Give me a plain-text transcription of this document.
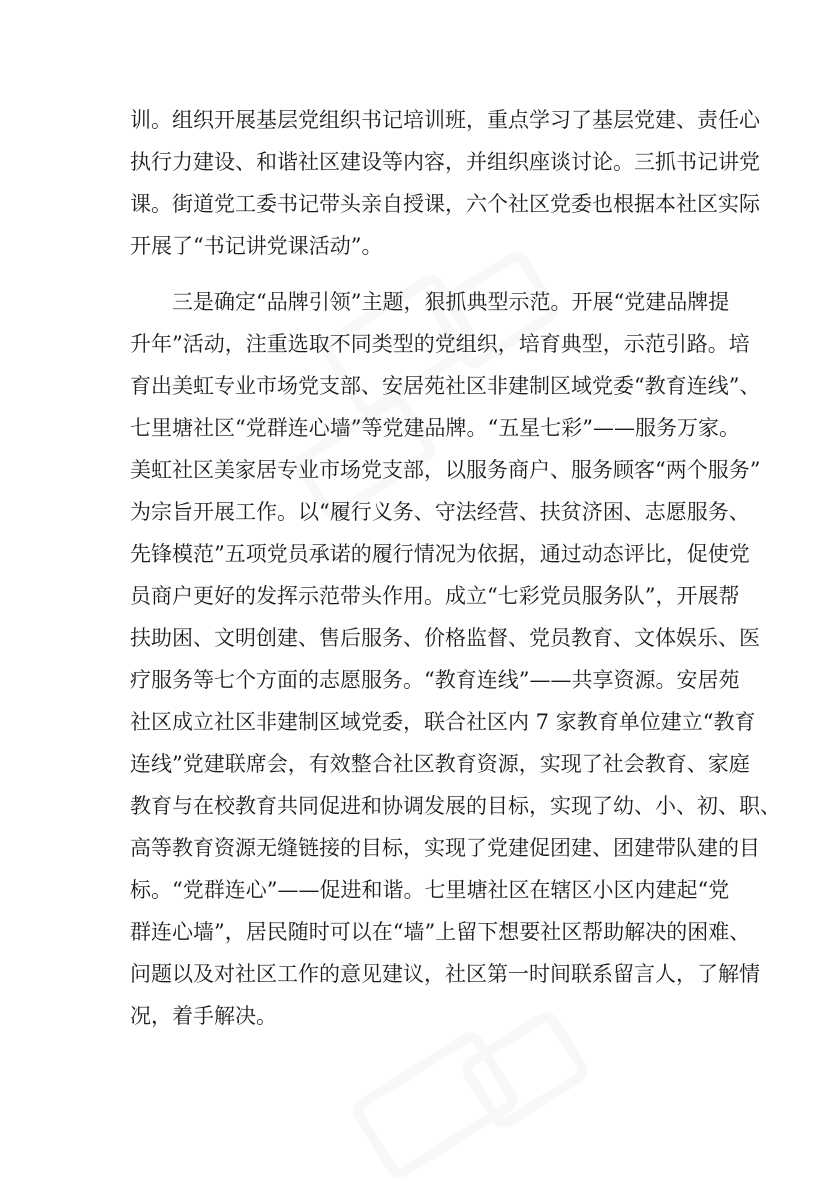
训。组织开展基层党组织书记培训班，重点学习了基层党建、责任心
执行力建设、和谐社区建设等内容，并组织座谈讨论。三抓书记讲党
课。街道党工委书记带头亲自授课，六个社区党委也根据本社区实际
开展了“书记讲党课活动”。
三是确定“品牌引领”主题，狠抓典型示范。开展“党建品牌提
升年”活动，注重选取不同类型的党组织，培育典型，示范引路。培
育出美虹专业市场党支部、安居苑社区非建制区域党委“教育连线”、
七里塘社区“党群连心墙”等党建品牌。“五星七彩”——服务万家。
美虹社区美家居专业市场党支部，以服务商户、服务顾客“两个服务”
为宗旨开展工作。以“履行义务、守法经营、扶贫济困、志愿服务、
先锋模范”五项党员承诺的履行情况为依据，通过动态评比，促使党
员商户更好的发挥示范带头作用。成立“七彩党员服务队”，开展帮
扶助困、文明创建、售后服务、价格监督、党员教育、文体娱乐、医
疗服务等七个方面的志愿服务。“教育连线”——共享资源。安居苑
社区成立社区非建制区域党委，联合社区内 7 家教育单位建立“教育
连线”党建联席会，有效整合社区教育资源，实现了社会教育、家庭
教育与在校教育共同促进和协调发展的目标，实现了幼、小、初、职、
高等教育资源无缝链接的目标，实现了党建促团建、团建带队建的目
标。“党群连心”——促进和谐。七里塘社区在辖区小区内建起“党
群连心墙”，居民随时可以在“墙”上留下想要社区帮助解决的困难、
问题以及对社区工作的意见建议，社区第一时间联系留言人，了解情
况，着手解决。
